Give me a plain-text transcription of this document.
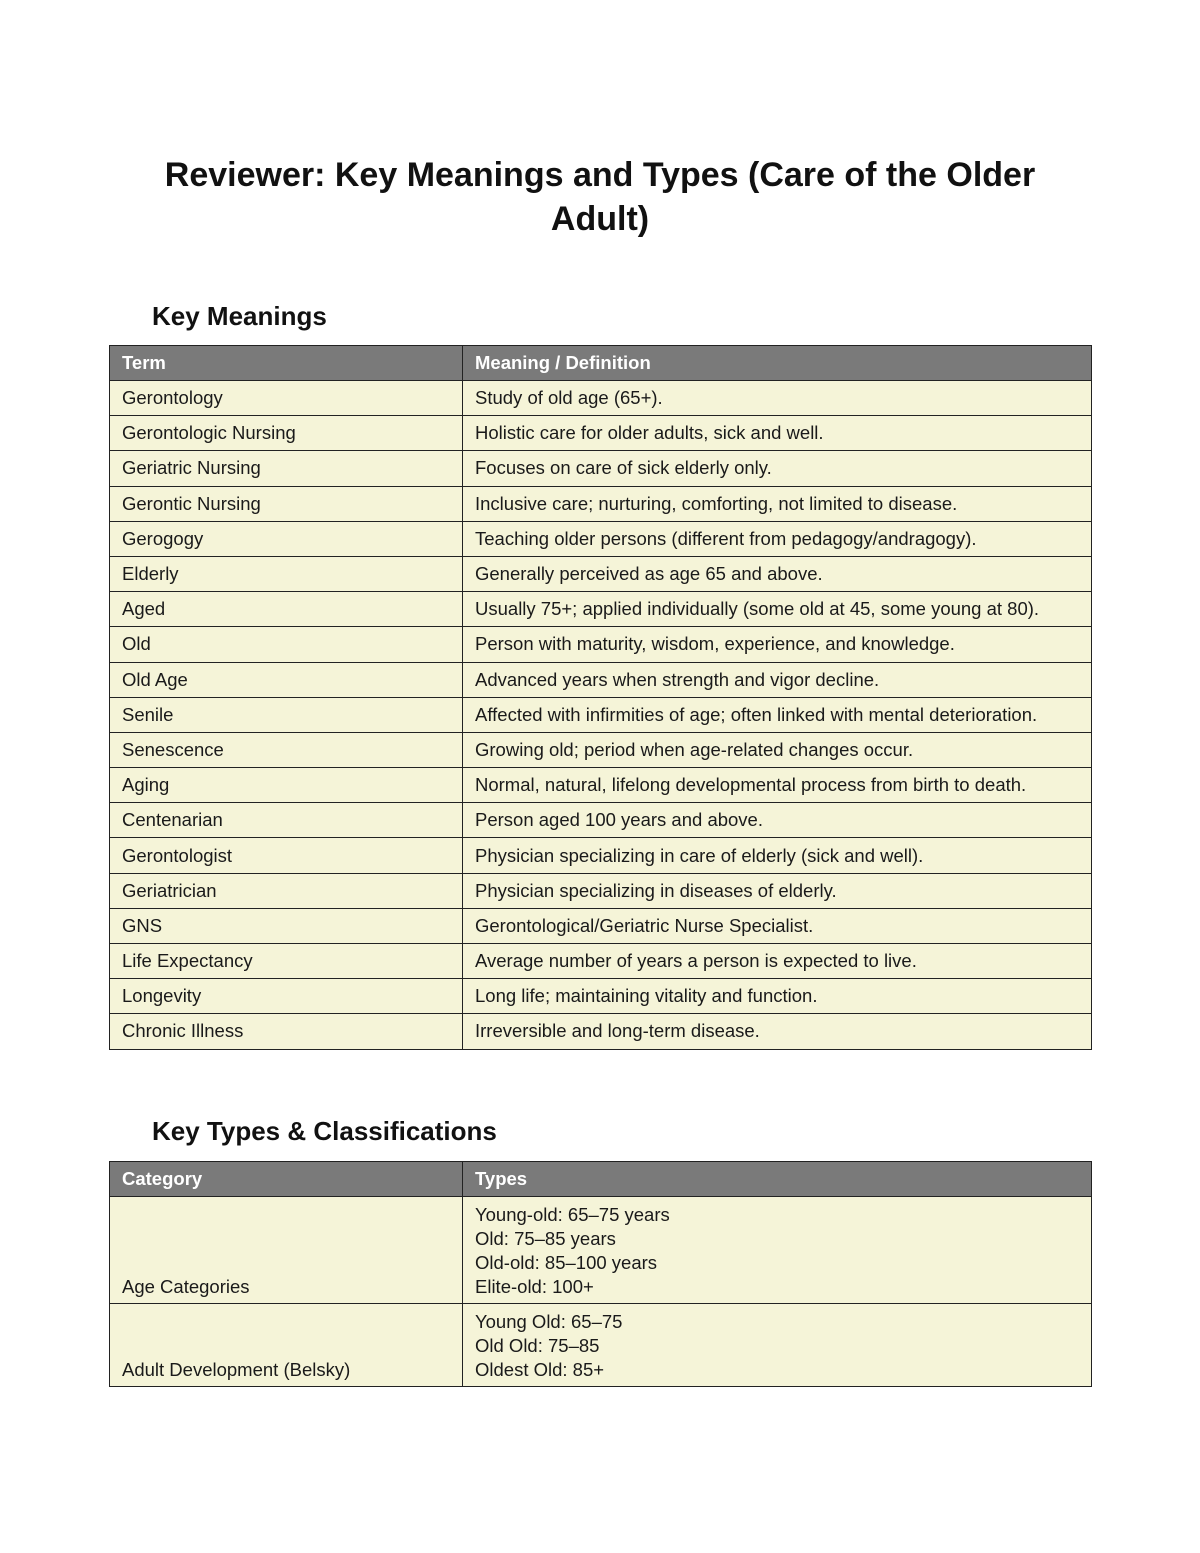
Reviewer: Key Meanings and Types (Care of the Older Adult)
Key Meanings
Term	Meaning / Definition
Gerontology	Study of old age (65+).
Gerontologic Nursing	Holistic care for older adults, sick and well.
Geriatric Nursing	Focuses on care of sick elderly only.
Gerontic Nursing	Inclusive care; nurturing, comforting, not limited to disease.
Gerogogy	Teaching older persons (different from pedagogy/andragogy).
Elderly	Generally perceived as age 65 and above.
Aged	Usually 75+; applied individually (some old at 45, some young at 80).
Old	Person with maturity, wisdom, experience, and knowledge.
Old Age	Advanced years when strength and vigor decline.
Senile	Affected with infirmities of age; often linked with mental deterioration.
Senescence	Growing old; period when age-related changes occur.
Aging	Normal, natural, lifelong developmental process from birth to death.
Centenarian	Person aged 100 years and above.
Gerontologist	Physician specializing in care of elderly (sick and well).
Geriatrician	Physician specializing in diseases of elderly.
GNS	Gerontological/Geriatric Nurse Specialist.
Life Expectancy	Average number of years a person is expected to live.
Longevity	Long life; maintaining vitality and function.
Chronic Illness	Irreversible and long-term disease.
Key Types & Classifications
Category	Types
Age Categories	Young-old: 65–75 years
Old: 75–85 years
Old-old: 85–100 years
Elite-old: 100+

Adult Development (Belsky)	Young Old: 65–75
Old Old: 75–85
Oldest Old: 85+
